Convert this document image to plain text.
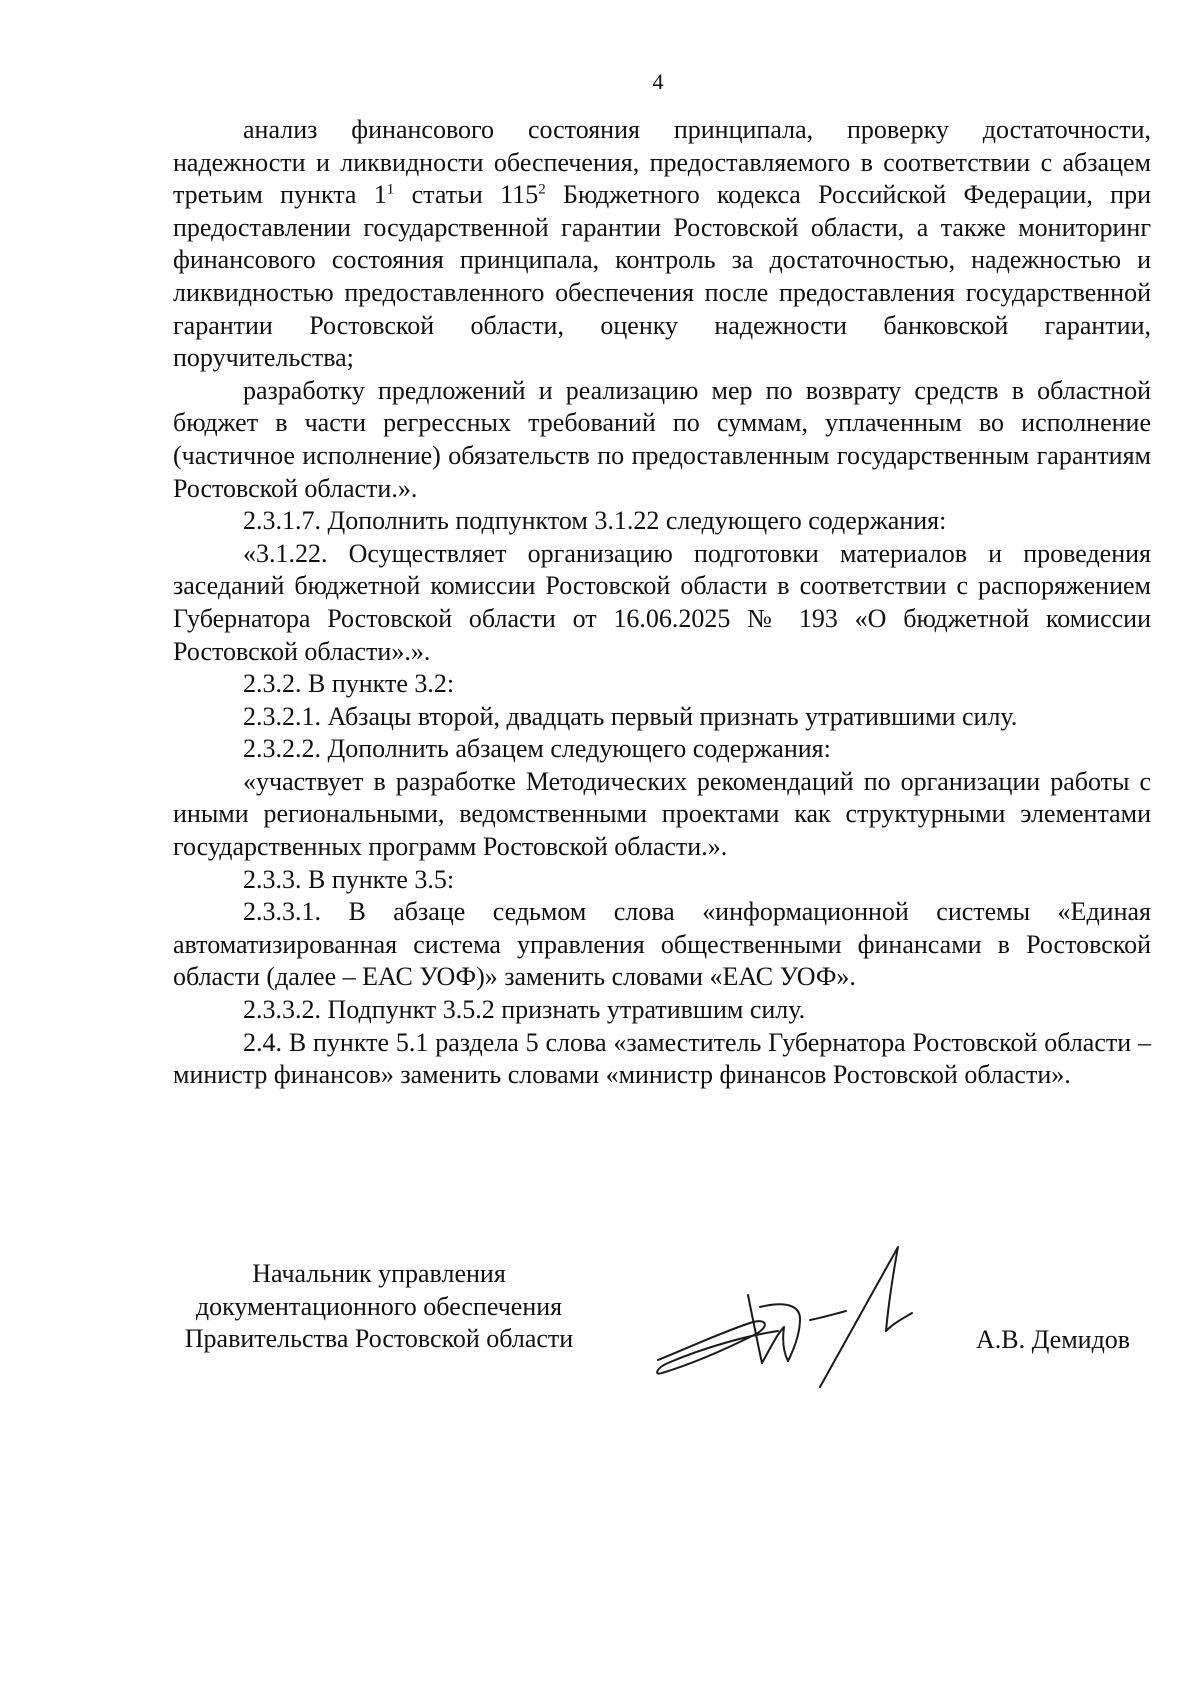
4

анализ финансового состояния принципала, проверку достаточности, надежности и ликвидности обеспечения, предоставляемого в соответствии с абзацем третьим пункта $1^1$ статьи $115^2$ Бюджетного кодекса Российской Федерации, при предоставлении государственной гарантии Ростовской области, а также мониторинг финансового состояния принципала, контроль за достаточностью, надежностью и ликвидностью предоставленного обеспечения после предоставления государственной гарантии Ростовской области, оценку надежности банковской гарантии, поручительства;

разработку предложений и реализацию мер по возврату средств в областной бюджет в части регрессных требований по суммам, уплаченным во исполнение (частичное исполнение) обязательств по предоставленным государственным гарантиям Ростовской области.».

2.3.1.7. Дополнить подпунктом 3.1.22 следующего содержания:

«3.1.22. Осуществляет организацию подготовки материалов и проведения заседаний бюджетной комиссии Ростовской области в соответствии с распоряжением Губернатора Ростовской области от 16.06.2025 № 193 «О бюджетной комиссии Ростовской области».».

2.3.2. В пункте 3.2:

2.3.2.1. Абзацы второй, двадцать первый признать утратившими силу.

2.3.2.2. Дополнить абзацем следующего содержания:

«участвует в разработке Методических рекомендаций по организации работы с иными региональными, ведомственными проектами как структурными элементами государственных программ Ростовской области.».

2.3.3. В пункте 3.5:

2.3.3.1. В абзаце седьмом слова «информационной системы «Единая автоматизированная система управления общественными финансами в Ростовской области (далее – ЕАС УОФ)» заменить словами «ЕАС УОФ».

2.3.3.2. Подпункт 3.5.2 признать утратившим силу.

2.4. В пункте 5.1 раздела 5 слова «заместитель Губернатора Ростовской области – министр финансов» заменить словами «министр финансов Ростовской области».

Начальник управления
документационного обеспечения
Правительства Ростовской области	А.В. Демидов
